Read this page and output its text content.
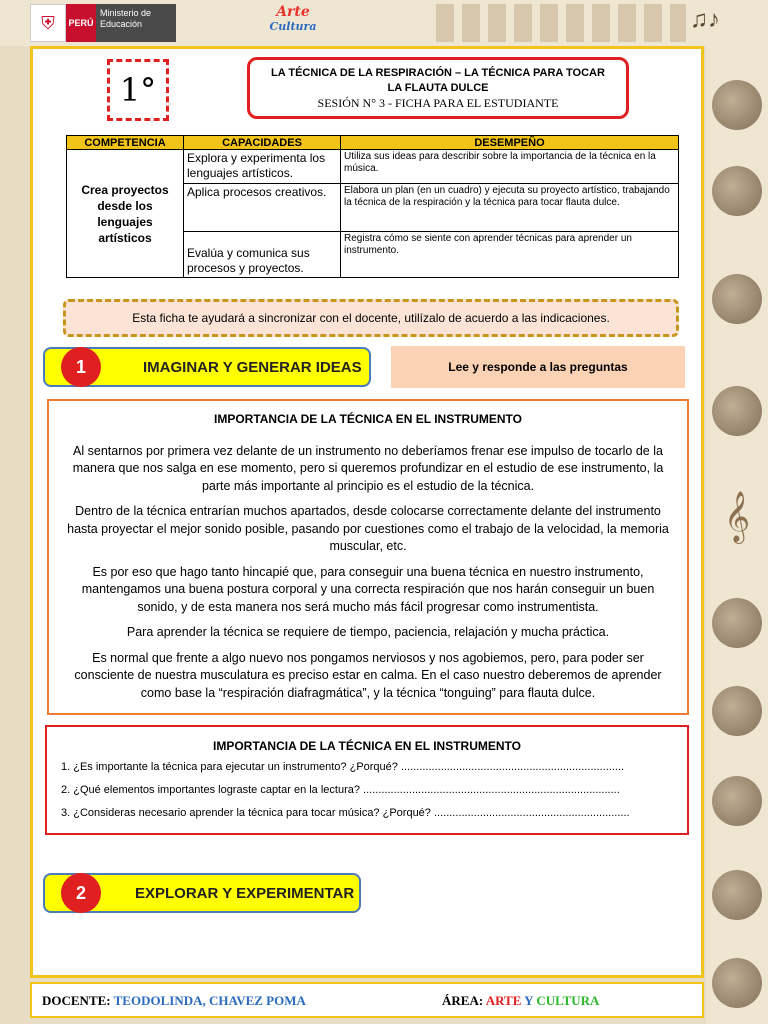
𝄞
⛨	PERÚ
Ministerio de Educación
Arte
Cultura	♫♪
1°	LA TÉCNICA DE LA RESPIRACIÓN – LA TÉCNICA PARA TOCAR
LA FLAUTA DULCE
SESIÓN N° 3 - FICHA PARA EL ESTUDIANTE
COMPETENCIA	CAPACIDADES	DESEMPEÑO
Crea proyectos desde los lenguajes artísticos	Explora y experimenta los lenguajes artísticos.	Utiliza sus ideas para describir sobre la importancia de la técnica en la música.
	Aplica procesos creativos.	Elabora un plan (en un cuadro) y ejecuta su proyecto artístico, trabajando la técnica de la respiración y la técnica para tocar flauta dulce.
	Evalúa y comunica sus procesos y proyectos.	Registra cómo se siente con aprender técnicas para aprender un instrumento.
Esta ficha te ayudará a sincronizar con el docente, utilízalo de acuerdo a las indicaciones.
1	IMAGINAR Y GENERAR IDEAS	Lee y responde a las preguntas
IMPORTANCIA DE LA TÉCNICA EN EL INSTRUMENTO

Al sentarnos por primera vez delante de un instrumento no deberíamos frenar ese impulso de tocarlo de la manera que nos salga en ese momento, pero si queremos profundizar en el estudio de ese instrumento, la parte más importante al principio es el estudio de la técnica.

Dentro de la técnica entrarían muchos apartados, desde colocarse correctamente delante del instrumento hasta proyectar el mejor sonido posible, pasando por cuestiones como el trabajo de la velocidad, la memoria muscular, etc.

Es por eso que hago tanto hincapié que, para conseguir una buena técnica en nuestro instrumento, mantengamos una buena postura corporal y una correcta respiración que nos harán conseguir un buen sonido, y de esta manera nos será mucho más fácil progresar como instrumentista.

Para aprender la técnica se requiere de tiempo, paciencia, relajación y mucha práctica.

Es normal que frente a algo nuevo nos pongamos nerviosos y nos agobiemos, pero, para poder ser consciente de nuestra musculatura es preciso estar en calma. En el caso nuestro deberemos de aprender como base la “respiración diafragmática”, y la técnica “tonguing” para flauta dulce.

IMPORTANCIA DE LA TÉCNICA EN EL INSTRUMENTO
1. ¿Es importante la técnica para ejecutar un instrumento? ¿Porqué? .........................................................................
2. ¿Qué elementos importantes lograste captar en la lectura? ....................................................................................
3. ¿Consideras necesario aprender la técnica para tocar música? ¿Porqué? ................................................................
2	EXPLORAR Y EXPERIMENTAR
DOCENTE: TEODOLINDA, CHAVEZ POMA	ÁREA: ARTE Y CULTURA
